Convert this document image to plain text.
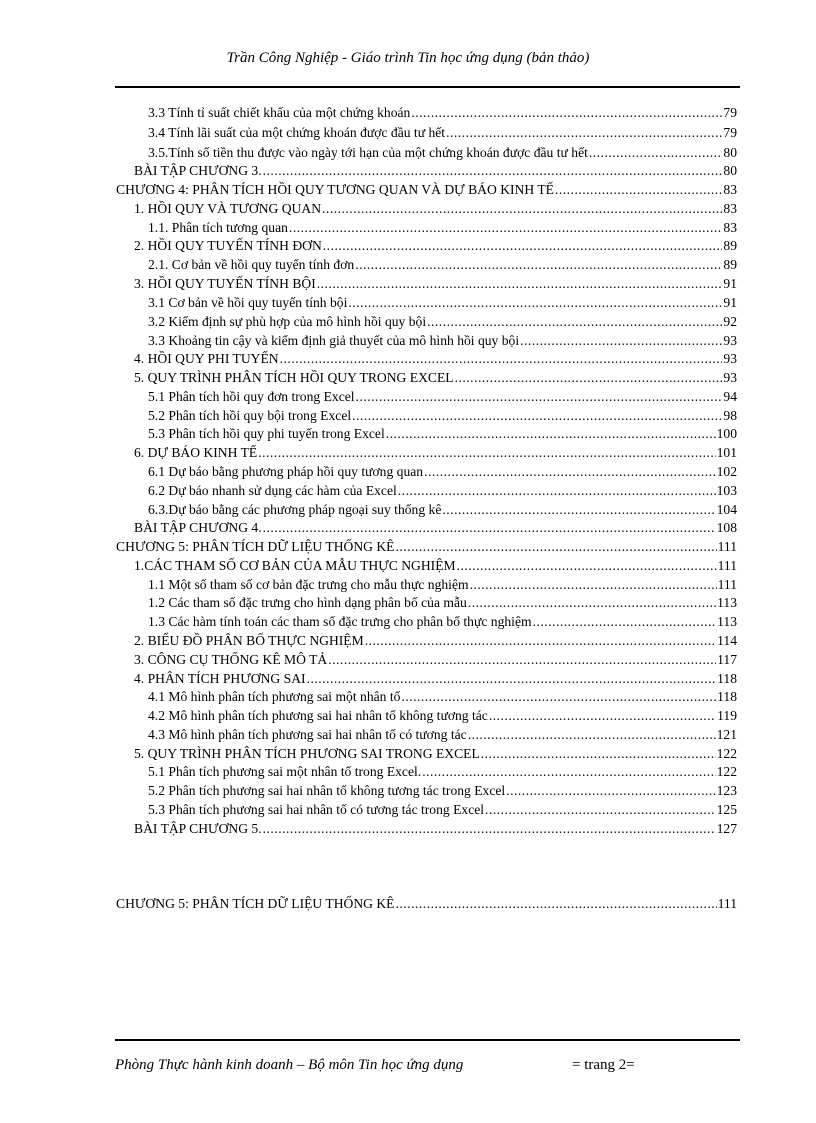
Trần Công Nghiệp - Giáo trình Tin học ứng dụng (bản thảo)
3.3 Tính tỉ suất chiết khấu của một chứng khoán .....	79
3.4 Tính lãi suất của một chứng khoán được đầu tư hết .....	79
3.5.Tính số tiền thu được vào ngày tới hạn của một chứng khoán được đầu tư hết .....	80
BÀI TẬP CHƯƠNG 3. .....	80
CHƯƠNG 4: PHÂN TÍCH HỒI QUY TƯƠNG QUAN VÀ DỰ BÁO KINH TẾ .....	83
1. HỒI QUY VÀ TƯƠNG QUAN .....	83
1.1. Phân tích tương quan .....	83
2. HỒI QUY TUYẾN TÍNH ĐƠN .....	89
2.1. Cơ bản về hồi quy tuyến tính đơn .....	89
3. HỒI QUY TUYẾN TÍNH BỘI .....	91
3.1 Cơ bản về hồi quy tuyến tính bội .....	91
3.2 Kiểm định sự phù hợp của mô hình hồi quy bội .....	92
3.3 Khoảng tin cậy và kiểm định giả thuyết của mô hình hồi quy bội .....	93
4. HỒI QUY PHI TUYẾN .....	93
5. QUY TRÌNH PHÂN TÍCH HỒI QUY TRONG EXCEL .....	93
5.1 Phân tích hồi quy đơn trong Excel .....	94
5.2 Phân tích hồi quy bội trong Excel .....	98
5.3 Phân tích hồi quy phi tuyến trong Excel .....	100
6. DỰ BÁO KINH TẾ .....	101
6.1 Dự báo bằng phương pháp hồi quy tương quan .....	102
6.2 Dự báo nhanh sử dụng các hàm của Excel .....	103
6.3.Dự báo bằng các phương pháp ngoại suy thống kê .....	104
BÀI TẬP CHƯƠNG 4. .....	108
CHƯƠNG 5: PHÂN TÍCH DỮ LIỆU THỐNG KÊ .....	111
1.CÁC THAM SỐ CƠ BẢN CỦA MẪU THỰC NGHIỆM .....	111
1.1 Một số tham số cơ bản đặc trưng cho mẫu thực nghiệm .....	111
1.2 Các tham số đặc trưng cho hình dạng phân bố của mẫu .....	113
1.3 Các hàm tính toán các tham số đặc trưng cho phân bố thực nghiệm .....	113
2. BIỂU ĐỒ PHÂN BỐ THỰC NGHIỆM .....	114
3. CÔNG CỤ THỐNG KÊ MÔ TẢ .....	117
4. PHÂN TÍCH PHƯƠNG SAI .....	118
4.1 Mô hình phân tích phương sai một nhân tố .....	118
4.2 Mô hình phân tích phương sai hai nhân tố không tương tác .....	119
4.3 Mô hình phân tích phương sai hai nhân tố có tương tác .....	121
5. QUY TRÌNH PHÂN TÍCH PHƯƠNG SAI TRONG EXCEL .....	122
5.1 Phân tích phương sai một nhân tố trong Excel. .....	122
5.2 Phân tích phương sai hai nhân tố không tương tác trong Excel .....	123
5.3 Phân tích phương sai hai nhân tố có tương tác trong Excel .....	125
BÀI TẬP CHƯƠNG 5. .....	127
CHƯƠNG 5: PHÂN TÍCH DỮ LIỆU THỐNG KÊ .....	111
Phòng Thực hành kinh doanh – Bộ môn Tin học ứng dụng	= trang 2=
